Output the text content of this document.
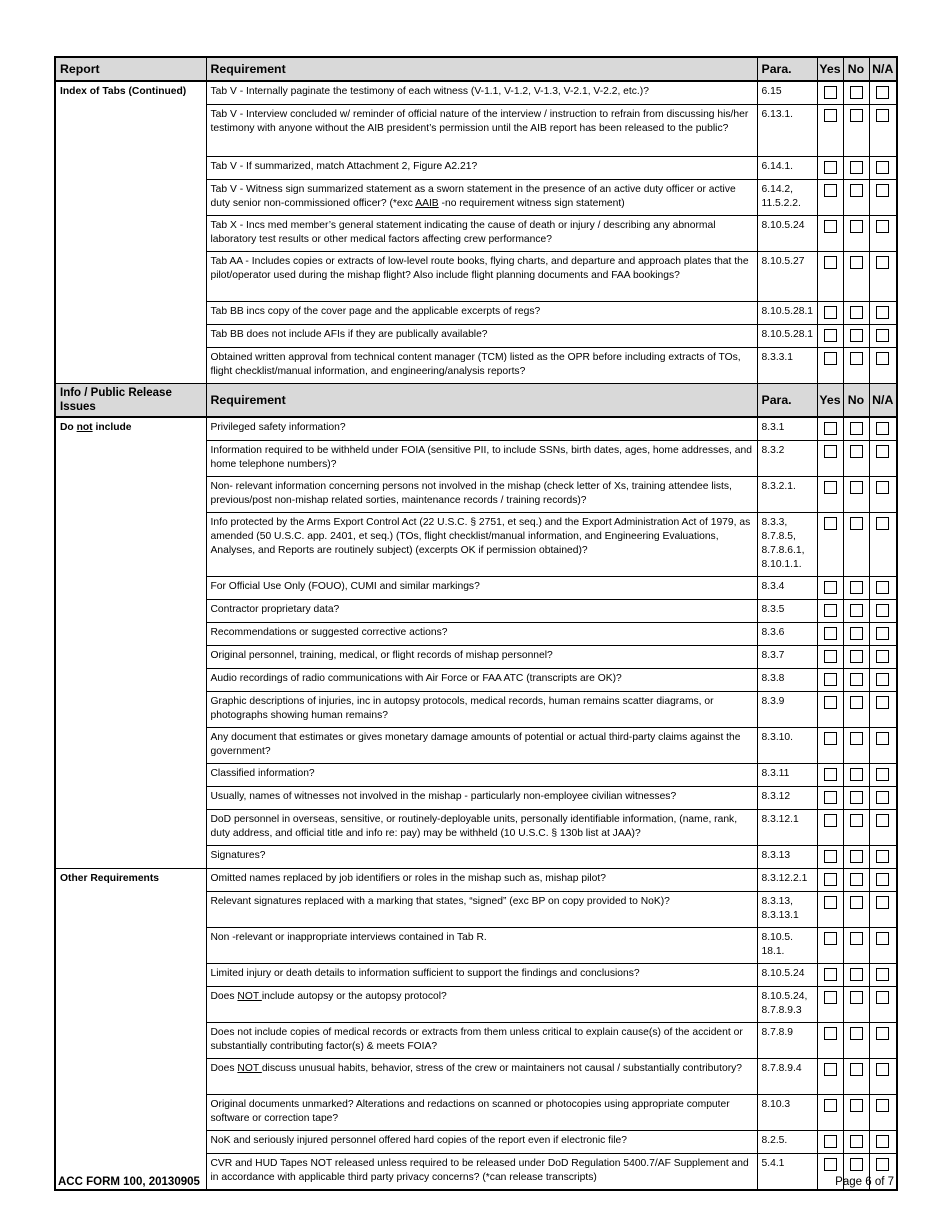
Report	Requirement	Para.	Yes	No	N/A
Index of Tabs (Continued)	Tab V - Internally paginate the testimony of each witness (V-1.1, V-1.2, V-1.3, V-2.1, V-2.2, etc.)?	6.15			
	Tab V - Interview concluded w/ reminder of official nature of the interview / instruction to refrain from discussing his/her testimony with anyone without the AIB president’s permission until the AIB report has been released to the public?	6.13.1.			
	Tab V - If summarized, match Attachment 2, Figure A2.21?	6.14.1.			
	Tab V - Witness sign summarized statement as a sworn statement in the presence of an active duty officer or active duty senior non-commissioned officer? (*exc AAIB -no requirement witness sign statement)	6.14.2, 11.5.2.2.			
	Tab X - Incs med member’s general statement indicating the cause of death or injury / describing any abnormal laboratory test results or other medical factors affecting crew performance?	8.10.5.24			
	Tab AA - Includes copies or extracts of low-level route books, flying charts, and departure and approach plates that the pilot/operator used during the mishap flight? Also include flight planning documents and FAA bookings?	8.10.5.27			
	Tab BB incs copy of the cover page and the applicable excerpts of regs?	8.10.5.28.1			
	Tab BB does not include AFIs if they are publically available?	8.10.5.28.1			
	Obtained written approval from technical content manager (TCM) listed as the OPR before including extracts of TOs, flight checklist/manual information, and engineering/analysis reports?	8.3.3.1			
Info / Public Release Issues	Requirement	Para.	Yes	No	N/A
Do not include	Privileged safety information?	8.3.1			
	Information required to be withheld under FOIA (sensitive PII, to include SSNs, birth dates, ages, home addresses, and home telephone numbers)?	8.3.2			
	Non- relevant information concerning persons not involved in the mishap (check letter of Xs, training attendee lists, previous/post non-mishap related sorties, maintenance records / training records)?	8.3.2.1.			
	Info protected by the Arms Export Control Act (22 U.S.C. § 2751, et seq.) and the Export Administration Act of 1979, as amended (50 U.S.C. app. 2401, et seq.) (TOs, flight checklist/manual information, and Engineering Evaluations, Analyses, and Reports are routinely subject) (excerpts OK if permission obtained)?	8.3.3, 8.7.8.5, 8.7.8.6.1, 8.10.1.1.			
	For Official Use Only (FOUO), CUMI and similar markings?	8.3.4			
	Contractor proprietary data?	8.3.5			
	Recommendations or suggested corrective actions?	8.3.6			
	Original personnel, training, medical, or flight records of mishap personnel?	8.3.7			
	Audio recordings of radio communications with Air Force or FAA ATC (transcripts are OK)?	8.3.8			
	Graphic descriptions of injuries, inc in autopsy protocols, medical records, human remains scatter diagrams, or photographs showing human remains?	8.3.9			
	Any document that estimates or gives monetary damage amounts of potential or actual third-party claims against the government?	8.3.10.			
	Classified information?	8.3.11			
	Usually, names of witnesses not involved in the mishap - particularly non-employee civilian witnesses?	8.3.12			
	DoD personnel in overseas, sensitive, or routinely-deployable units, personally identifiable information, (name, rank, duty address, and official title and info re: pay) may be withheld (10 U.S.C. § 130b list at JAA)?	8.3.12.1			
	Signatures?	8.3.13			
Other Requirements	Omitted names replaced by job identifiers or roles in the mishap such as, mishap pilot?	8.3.12.2.1			
	Relevant signatures replaced with a marking that states, “signed” (exc BP on copy provided to NoK)?	8.3.13, 8.3.13.1			
	Non -relevant or inappropriate interviews contained in Tab R.	8.10.5. 18.1.			
	Limited injury or death details to information sufficient to support the findings and conclusions?	8.10.5.24			
	Does NOT include autopsy or the autopsy protocol?	8.10.5.24, 8.7.8.9.3			
	Does not include copies of medical records or extracts from them unless critical to explain cause(s) of the accident or substantially contributing factor(s) & meets FOIA?	8.7.8.9			
	Does NOT discuss unusual habits, behavior, stress of the crew or maintainers not causal / substantially contributory?	8.7.8.9.4			
	Original documents unmarked? Alterations and redactions on scanned or photocopies using appropriate computer software or correction tape?	8.10.3			
	NoK and seriously injured personnel offered hard copies of the report even if electronic file?	8.2.5.			
	CVR and HUD Tapes NOT released unless required to be released under DoD Regulation 5400.7/AF Supplement and in accordance with applicable third party privacy concerns? (*can release transcripts)	5.4.1			
ACC FORM 100, 20130905	Page 6 of 7
